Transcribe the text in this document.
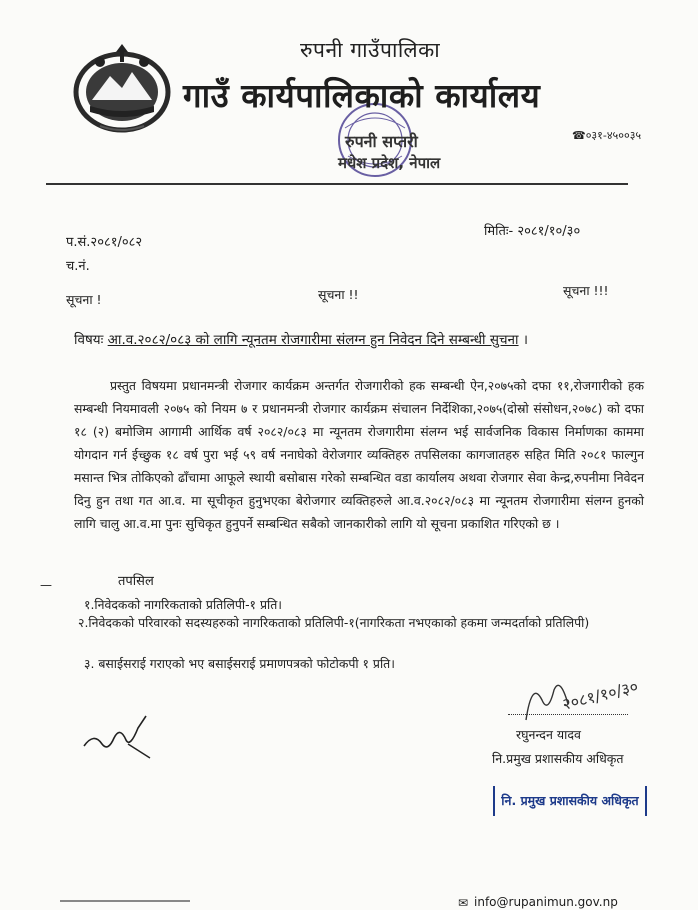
रुपनी गाउँपालिका
गाउँ कार्यपालिकाको कार्यालय
रुपनी सप्तरी
मधेश प्रदेश, नेपाल
☎०३१-४५००३५
प.सं.२०८१/०८२
मितिः- २०८१/१०/३०
च.नं.
सूचना !	सूचना !!	सूचना !!!
विषयः आ.व.२०८२/०८३ को लागि न्यूनतम रोजगारीमा संलग्न हुन निवेदन दिने सम्बन्धी सुचना ।
प्रस्तुत विषयमा प्रधानमन्त्री रोजगार कार्यक्रम अन्तर्गत रोजगारीको हक सम्बन्धी ऐन,२०७५को दफा ११,रोजगारीको हक सम्बन्धी नियमावली २०७५ को नियम ७ र प्रधानमन्त्री रोजगार कार्यक्रम संचालन निर्देशिका,२०७५(दोस्रो संसोधन,२०७८) को दफा १८ (२) बमोजिम आगामी आर्थिक वर्ष २०८२/०८३ मा न्यूनतम रोजगारीमा संलग्न भई सार्वजनिक विकास निर्माणका काममा योगदान गर्न ईच्छुक १८ वर्ष पुरा भई ५९ वर्ष ननाघेको वेरोजगार व्यक्तिहरु तपसिलका कागजातहरु सहित मिति २०८१ फाल्गुन मसान्त भित्र तोकिएको ढाँचामा आफूले स्थायी बसोबास गरेको सम्बन्धित वडा कार्यालय अथवा रोजगार सेवा केन्द्र,रुपनीमा निवेदन दिनु हुन तथा गत आ.व. मा सूचीकृत हुनुभएका बेरोजगार व्यक्तिहरुले आ.व.२०८२/०८३ मा न्यूनतम रोजगारीमा संलग्न हुनको लागि चालु आ.व.मा पुनः सुचिकृत हुनुपर्ने सम्बन्धित सबैको जानकारीको लागि यो सूचना प्रकाशित गरिएको छ ।
—	तपसिल
१.निवेदकको नागरिकताको प्रतिलिपी-१ प्रति।
२.निवेदकको परिवारको सदस्यहरुको नागरिकताको प्रतिलिपी-१(नागरिकता नभएकाको हकमा जन्मदर्ताको प्रतिलिपी)
३. बसाईसराई गराएको भए बसाईसराई प्रमाणपत्रको फोटोकपी १ प्रति।
२०८१/१०/३०
रघुनन्दन यादव
नि.प्रमुख प्रशासकीय अधिकृत
नि. प्रमुख प्रशासकीय अधिकृत
✉ info@rupanimun.gov.np
